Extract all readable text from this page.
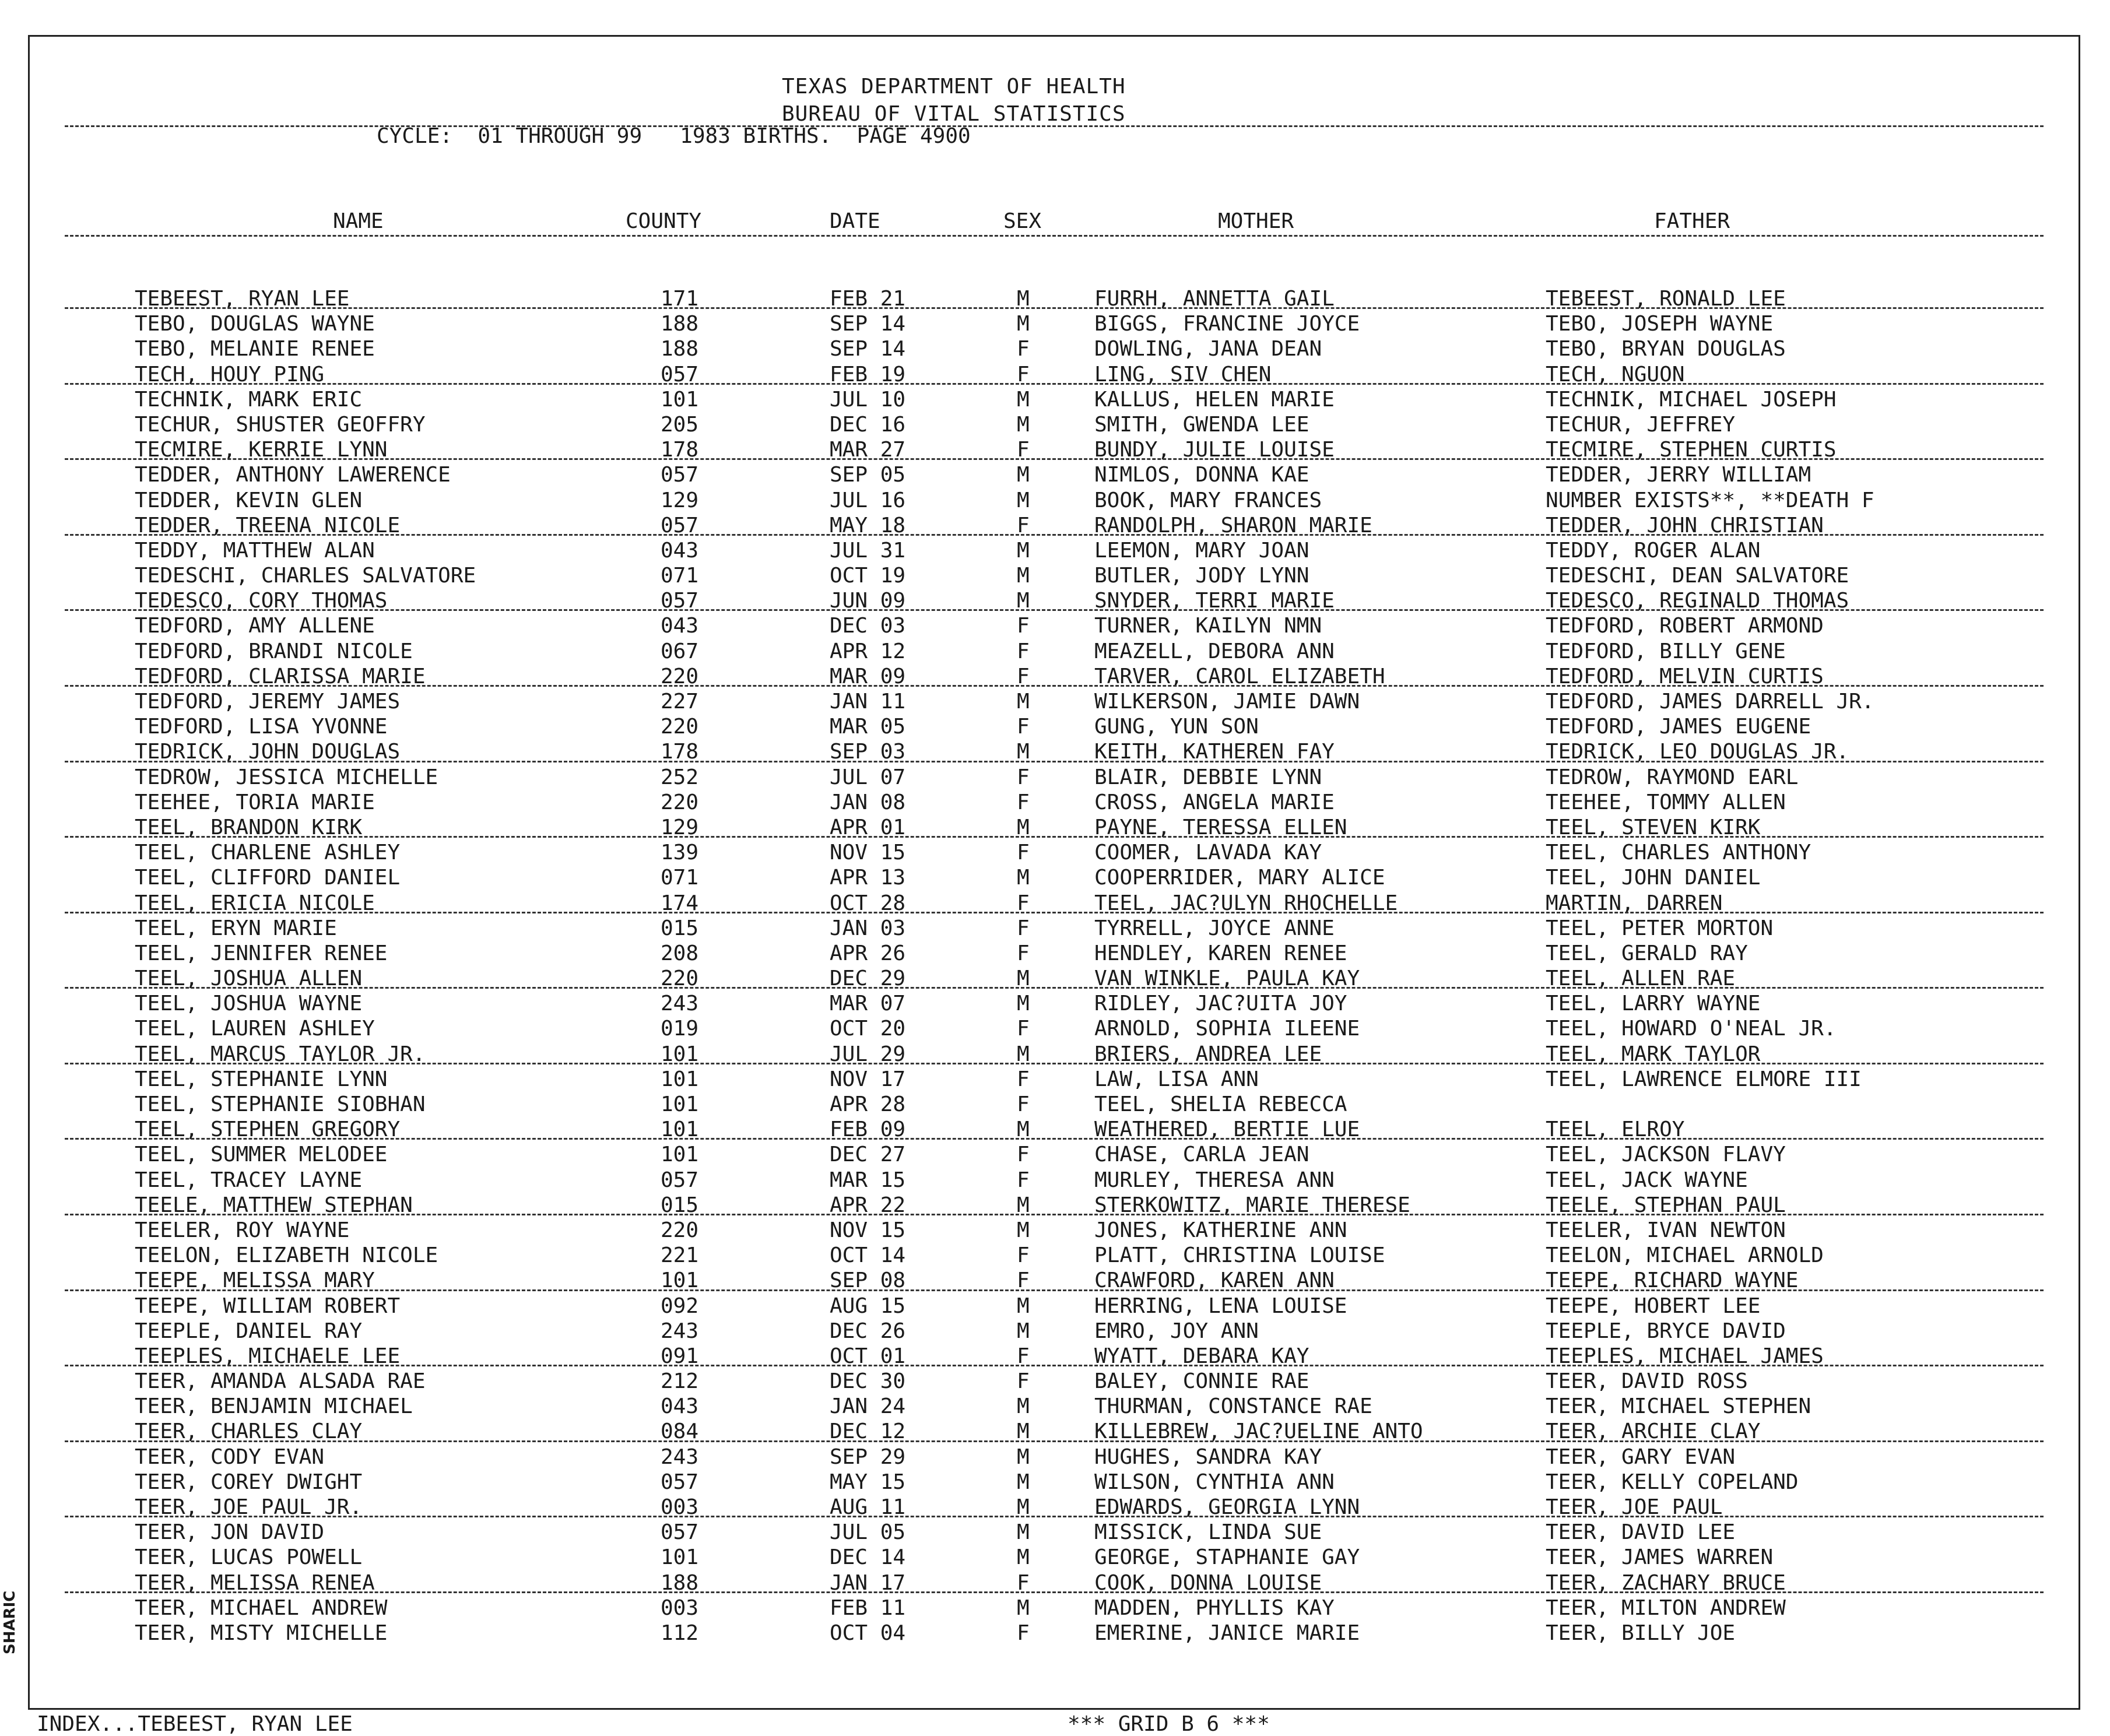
TEXAS DEPARTMENT OF HEALTH
BUREAU OF VITAL STATISTICS
CYCLE:  01 THROUGH 99   1983 BIRTHS.  PAGE 4900
NAME	COUNTY	DATE	SEX	MOTHER	FATHER
TEBEEST, RYAN LEE	171	FEB 21	M	FURRH, ANNETTA GAIL	TEBEEST, RONALD LEE
TEBO, DOUGLAS WAYNE	188	SEP 14	M	BIGGS, FRANCINE JOYCE	TEBO, JOSEPH WAYNE
TEBO, MELANIE RENEE	188	SEP 14	F	DOWLING, JANA DEAN	TEBO, BRYAN DOUGLAS
TECH, HOUY PING	057	FEB 19	F	LING, SIV CHEN	TECH, NGUON
TECHNIK, MARK ERIC	101	JUL 10	M	KALLUS, HELEN MARIE	TECHNIK, MICHAEL JOSEPH
TECHUR, SHUSTER GEOFFRY	205	DEC 16	M	SMITH, GWENDA LEE	TECHUR, JEFFREY
TECMIRE, KERRIE LYNN	178	MAR 27	F	BUNDY, JULIE LOUISE	TECMIRE, STEPHEN CURTIS
TEDDER, ANTHONY LAWERENCE	057	SEP 05	M	NIMLOS, DONNA KAE	TEDDER, JERRY WILLIAM
TEDDER, KEVIN GLEN	129	JUL 16	M	BOOK, MARY FRANCES	NUMBER EXISTS**, **DEATH F
TEDDER, TREENA NICOLE	057	MAY 18	F	RANDOLPH, SHARON MARIE	TEDDER, JOHN CHRISTIAN
TEDDY, MATTHEW ALAN	043	JUL 31	M	LEEMON, MARY JOAN	TEDDY, ROGER ALAN
TEDESCHI, CHARLES SALVATORE	071	OCT 19	M	BUTLER, JODY LYNN	TEDESCHI, DEAN SALVATORE
TEDESCO, CORY THOMAS	057	JUN 09	M	SNYDER, TERRI MARIE	TEDESCO, REGINALD THOMAS
TEDFORD, AMY ALLENE	043	DEC 03	F	TURNER, KAILYN NMN	TEDFORD, ROBERT ARMOND
TEDFORD, BRANDI NICOLE	067	APR 12	F	MEAZELL, DEBORA ANN	TEDFORD, BILLY GENE
TEDFORD, CLARISSA MARIE	220	MAR 09	F	TARVER, CAROL ELIZABETH	TEDFORD, MELVIN CURTIS
TEDFORD, JEREMY JAMES	227	JAN 11	M	WILKERSON, JAMIE DAWN	TEDFORD, JAMES DARRELL JR.
TEDFORD, LISA YVONNE	220	MAR 05	F	GUNG, YUN SON	TEDFORD, JAMES EUGENE
TEDRICK, JOHN DOUGLAS	178	SEP 03	M	KEITH, KATHEREN FAY	TEDRICK, LEO DOUGLAS JR.
TEDROW, JESSICA MICHELLE	252	JUL 07	F	BLAIR, DEBBIE LYNN	TEDROW, RAYMOND EARL
TEEHEE, TORIA MARIE	220	JAN 08	F	CROSS, ANGELA MARIE	TEEHEE, TOMMY ALLEN
TEEL, BRANDON KIRK	129	APR 01	M	PAYNE, TERESSA ELLEN	TEEL, STEVEN KIRK
TEEL, CHARLENE ASHLEY	139	NOV 15	F	COOMER, LAVADA KAY	TEEL, CHARLES ANTHONY
TEEL, CLIFFORD DANIEL	071	APR 13	M	COOPERRIDER, MARY ALICE	TEEL, JOHN DANIEL
TEEL, ERICIA NICOLE	174	OCT 28	F	TEEL, JAC?ULYN RHOCHELLE	MARTIN, DARREN
TEEL, ERYN MARIE	015	JAN 03	F	TYRRELL, JOYCE ANNE	TEEL, PETER MORTON
TEEL, JENNIFER RENEE	208	APR 26	F	HENDLEY, KAREN RENEE	TEEL, GERALD RAY
TEEL, JOSHUA ALLEN	220	DEC 29	M	VAN WINKLE, PAULA KAY	TEEL, ALLEN RAE
TEEL, JOSHUA WAYNE	243	MAR 07	M	RIDLEY, JAC?UITA JOY	TEEL, LARRY WAYNE
TEEL, LAUREN ASHLEY	019	OCT 20	F	ARNOLD, SOPHIA ILEENE	TEEL, HOWARD O'NEAL JR.
TEEL, MARCUS TAYLOR JR.	101	JUL 29	M	BRIERS, ANDREA LEE	TEEL, MARK TAYLOR
TEEL, STEPHANIE LYNN	101	NOV 17	F	LAW, LISA ANN	TEEL, LAWRENCE ELMORE III
TEEL, STEPHANIE SIOBHAN	101	APR 28	F	TEEL, SHELIA REBECCA
TEEL, STEPHEN GREGORY	101	FEB 09	M	WEATHERED, BERTIE LUE	TEEL, ELROY
TEEL, SUMMER MELODEE	101	DEC 27	F	CHASE, CARLA JEAN	TEEL, JACKSON FLAVY
TEEL, TRACEY LAYNE	057	MAR 15	F	MURLEY, THERESA ANN	TEEL, JACK WAYNE
TEELE, MATTHEW STEPHAN	015	APR 22	M	STERKOWITZ, MARIE THERESE	TEELE, STEPHAN PAUL
TEELER, ROY WAYNE	220	NOV 15	M	JONES, KATHERINE ANN	TEELER, IVAN NEWTON
TEELON, ELIZABETH NICOLE	221	OCT 14	F	PLATT, CHRISTINA LOUISE	TEELON, MICHAEL ARNOLD
TEEPE, MELISSA MARY	101	SEP 08	F	CRAWFORD, KAREN ANN	TEEPE, RICHARD WAYNE
TEEPE, WILLIAM ROBERT	092	AUG 15	M	HERRING, LENA LOUISE	TEEPE, HOBERT LEE
TEEPLE, DANIEL RAY	243	DEC 26	M	EMRO, JOY ANN	TEEPLE, BRYCE DAVID
TEEPLES, MICHAELE LEE	091	OCT 01	F	WYATT, DEBARA KAY	TEEPLES, MICHAEL JAMES
TEER, AMANDA ALSADA RAE	212	DEC 30	F	BALEY, CONNIE RAE	TEER, DAVID ROSS
TEER, BENJAMIN MICHAEL	043	JAN 24	M	THURMAN, CONSTANCE RAE	TEER, MICHAEL STEPHEN
TEER, CHARLES CLAY	084	DEC 12	M	KILLEBREW, JAC?UELINE ANTO	TEER, ARCHIE CLAY
TEER, CODY EVAN	243	SEP 29	M	HUGHES, SANDRA KAY	TEER, GARY EVAN
TEER, COREY DWIGHT	057	MAY 15	M	WILSON, CYNTHIA ANN	TEER, KELLY COPELAND
TEER, JOE PAUL JR.	003	AUG 11	M	EDWARDS, GEORGIA LYNN	TEER, JOE PAUL
TEER, JON DAVID	057	JUL 05	M	MISSICK, LINDA SUE	TEER, DAVID LEE
TEER, LUCAS POWELL	101	DEC 14	M	GEORGE, STAPHANIE GAY	TEER, JAMES WARREN
TEER, MELISSA RENEA	188	JAN 17	F	COOK, DONNA LOUISE	TEER, ZACHARY BRUCE
TEER, MICHAEL ANDREW	003	FEB 11	M	MADDEN, PHYLLIS KAY	TEER, MILTON ANDREW
TEER, MISTY MICHELLE	112	OCT 04	F	EMERINE, JANICE MARIE	TEER, BILLY JOE
INDEX...TEBEEST, RYAN LEE	*** GRID B 6 ***
SHARIC
